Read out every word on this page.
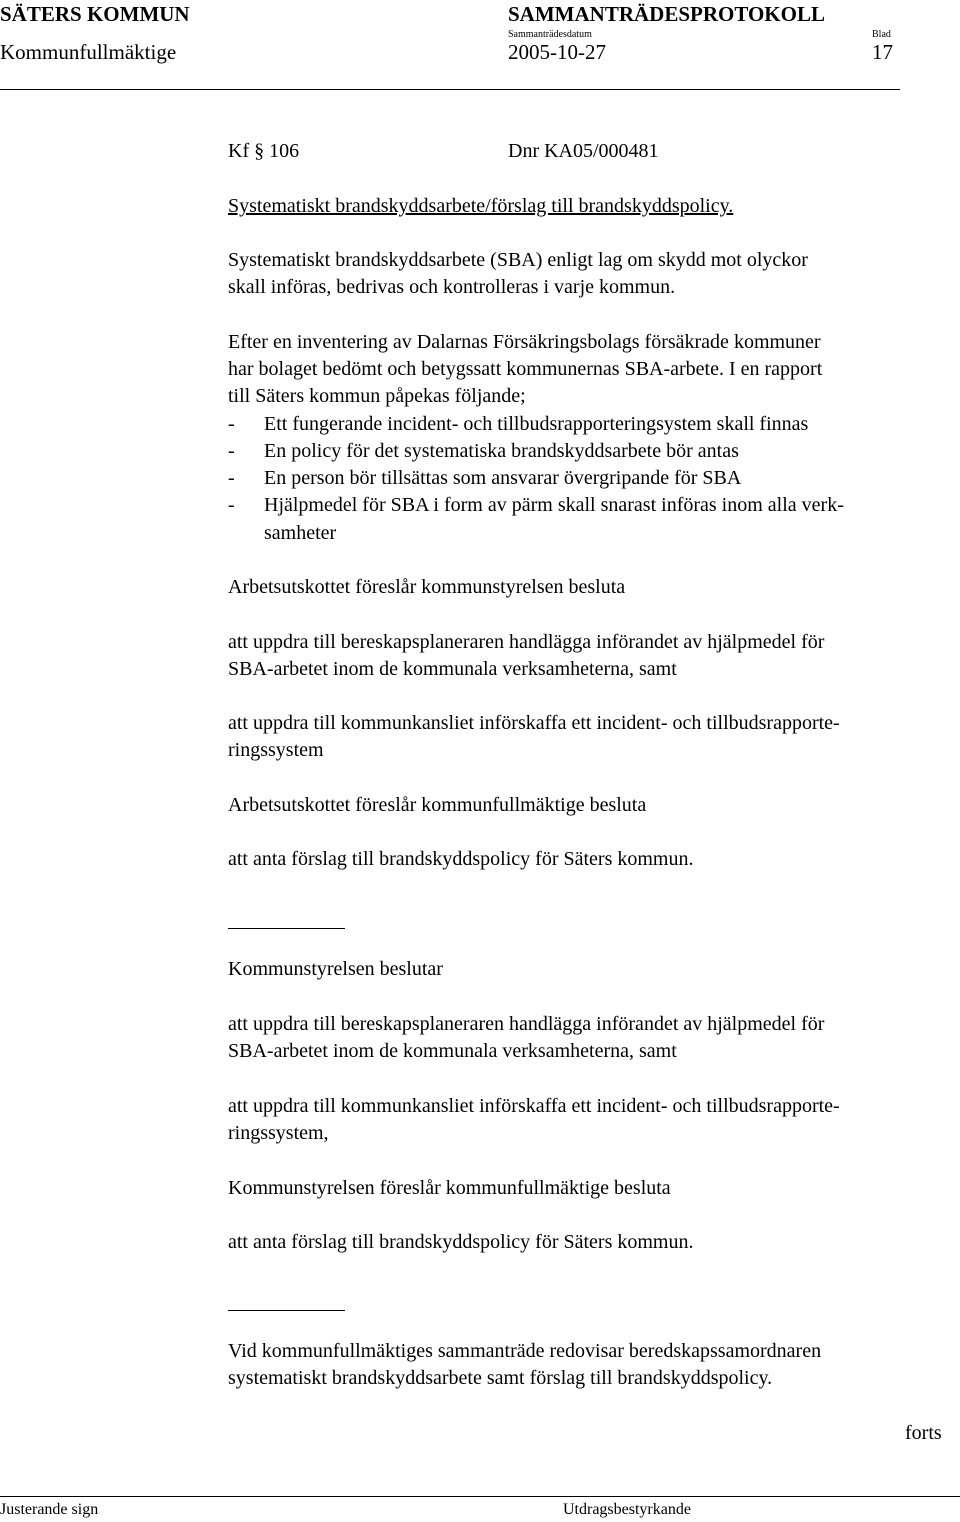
SÄTERS KOMMUN	SAMMANTRÄDESPROTOKOLL
Sammanträdesdatum	Blad
Kommunfullmäktige	2005-10-27	17
Kf § 106	Dnr KA05/000481
Systematiskt brandskyddsarbete/förslag till brandskyddspolicy.
Systematiskt brandskyddsarbete (SBA) enligt lag om skydd mot olyckor
skall införas, bedrivas och kontrolleras i varje kommun.
Efter en inventering av Dalarnas Försäkringsbolags försäkrade kommuner
har bolaget bedömt och betygssatt kommunernas SBA-arbete. I en rapport
till Säters kommun påpekas följande;
- Ett fungerande incident- och tillbudsrapporteringsystem skall finnas
- En policy för det systematiska brandskyddsarbete bör antas
- En person bör tillsättas som ansvarar övergripande för SBA
- Hjälpmedel för SBA i form av pärm skall snarast införas inom alla verk-
samheter
Arbetsutskottet föreslår kommunstyrelsen besluta
att uppdra till bereskapsplaneraren handlägga införandet av hjälpmedel för
SBA-arbetet inom de kommunala verksamheterna, samt
att uppdra till kommunkansliet införskaffa ett incident- och tillbudsrapporte-
ringssystem
Arbetsutskottet föreslår kommunfullmäktige besluta
att anta förslag till brandskyddspolicy för Säters kommun.
Kommunstyrelsen beslutar
att uppdra till bereskapsplaneraren handlägga införandet av hjälpmedel för
SBA-arbetet inom de kommunala verksamheterna, samt
att uppdra till kommunkansliet införskaffa ett incident- och tillbudsrapporte-
ringssystem,
Kommunstyrelsen föreslår kommunfullmäktige besluta
att anta förslag till brandskyddspolicy för Säters kommun.
Vid kommunfullmäktiges sammanträde redovisar beredskapssamordnaren
systematiskt brandskyddsarbete samt förslag till brandskyddspolicy.
forts
Justerande sign	Utdragsbestyrkande
